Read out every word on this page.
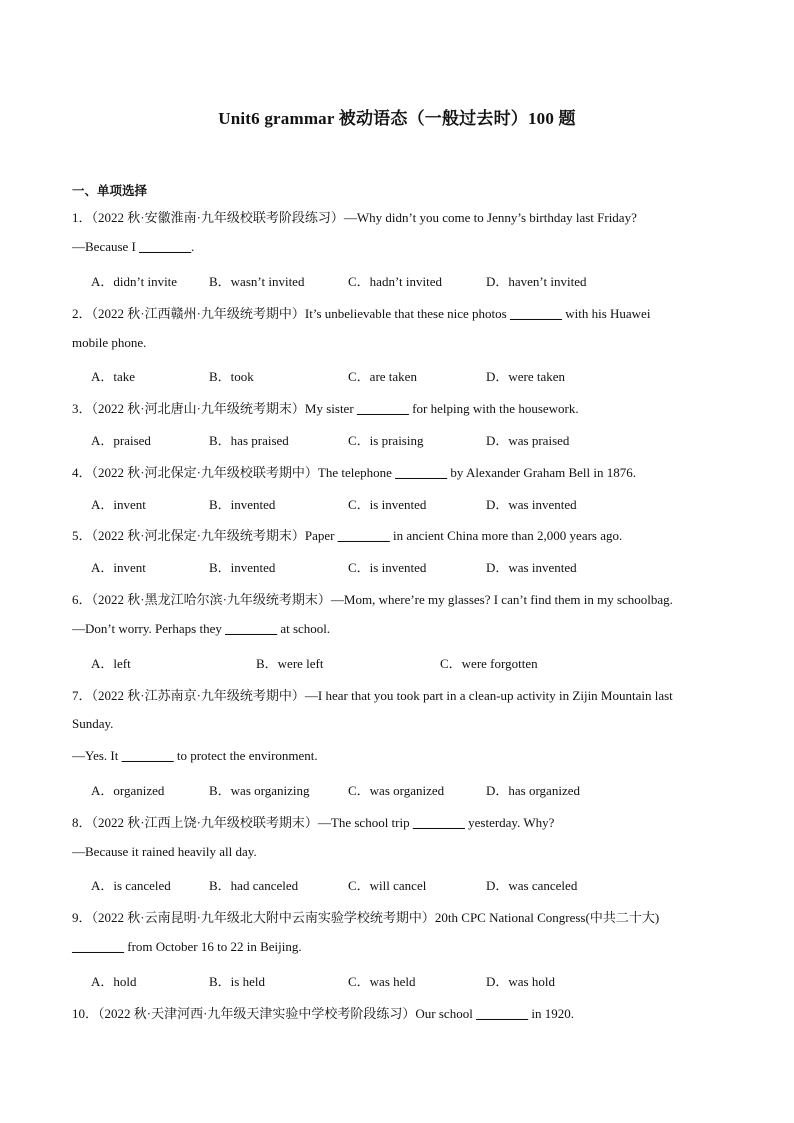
Unit6 grammar 被动语态（一般过去时）100 题
一、单项选择
1．（2022 秋·安徽淮南·九年级校联考阶段练习）—Why didn’t you come to Jenny’s birthday last Friday?
—Because I ________.
A．didn’t invite B．wasn’t invited	C．hadn’t invited	D．haven’t invited
2．（2022 秋·江西赣州·九年级统考期中）It’s unbelievable that these nice photos ________ with his Huawei
mobile phone.
A．take	B．took	C．are taken	D．were taken
3．（2022 秋·河北唐山·九年级统考期末）My sister ________ for helping with the housework.
A．praised	B．has praised	C．is praising	D．was praised
4．（2022 秋·河北保定·九年级校联考期中）The telephone ________ by Alexander Graham Bell in 1876.
A．invent	B．invented	C．is invented	D．was invented
5．（2022 秋·河北保定·九年级统考期末）Paper ________ in ancient China more than 2,000 years ago.
A．invent	B．invented	C．is invented	D．was invented
6．（2022 秋·黑龙江哈尔滨·九年级统考期末）—Mom, where’re my glasses? I can’t find them in my schoolbag.
—Don’t worry. Perhaps they ________ at school.
A．left	B．were left	C．were forgotten
7．（2022 秋·江苏南京·九年级统考期中）—I hear that you took part in a clean-up activity in Zijin Mountain last
Sunday.
—Yes. It ________ to protect the environment.
A．organized	B．was organizing	C．was organized	D．has organized
8．（2022 秋·江西上饶·九年级校联考期末）—The school trip ________ yesterday. Why?
—Because it rained heavily all day.
A．is canceled	B．had canceled	C．will cancel	D．was canceled
9．（2022 秋·云南昆明·九年级北大附中云南实验学校统考期中）20th CPC National Congress(中共二十大)
________ from October 16 to 22 in Beijing.
A．hold	B．is held	C．was held	D．was hold
10．（2022 秋·天津河西·九年级天津实验中学校考阶段练习）Our school ________ in 1920.
